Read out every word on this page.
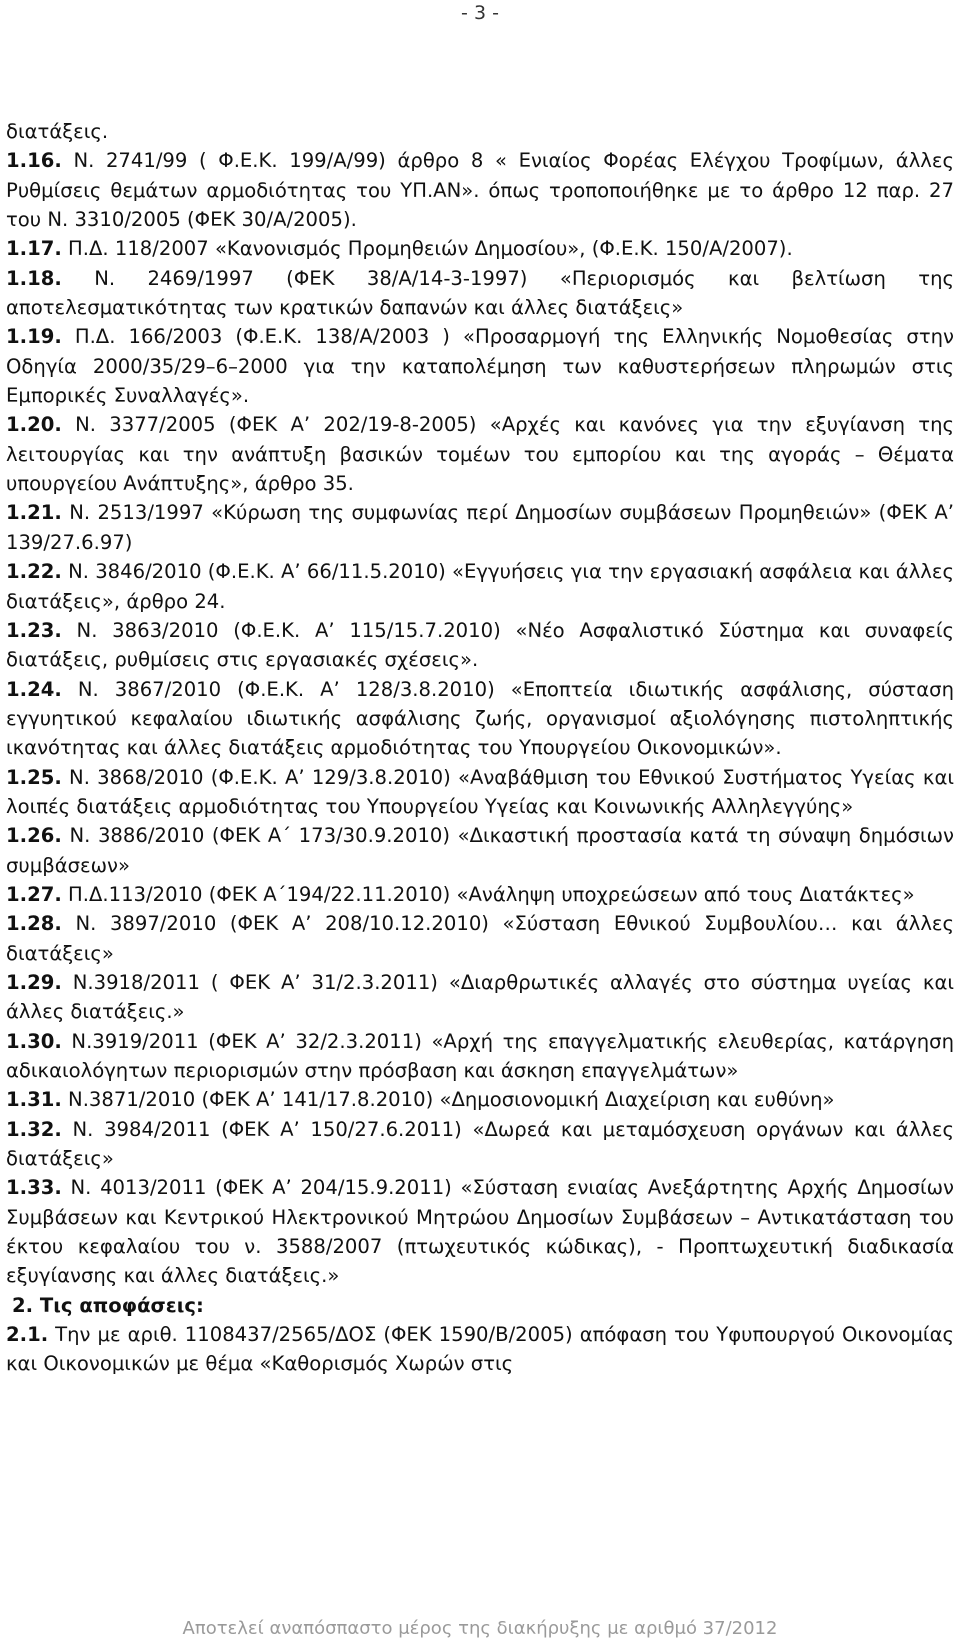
- 3 -
διατάξεις.
1.16. Ν. 2741/99 ( Φ.Ε.Κ. 199/Α/99) άρθρο 8 « Ενιαίος Φορέας Ελέγχου Τροφίμων, άλλες Ρυθμίσεις θεμάτων αρμοδιότητας του ΥΠ.ΑΝ». όπως τροποποιήθηκε με το άρθρο 12 παρ. 27 του Ν. 3310/2005 (ΦΕΚ 30/Α/2005).
1.17. Π.Δ. 118/2007 «Κανονισμός Προμηθειών Δημοσίου», (Φ.Ε.Κ. 150/Α/2007).
1.18. Ν. 2469/1997 (ΦΕΚ 38/Α/14-3-1997) «Περιορισμός και βελτίωση της αποτελεσματικότητας των κρατικών δαπανών και άλλες διατάξεις»
1.19. Π.Δ. 166/2003 (Φ.Ε.Κ. 138/Α/2003 ) «Προσαρμογή της Ελληνικής Νομοθεσίας στην Οδηγία 2000/35/29–6–2000 για την καταπολέμηση των καθυστερήσεων πληρωμών στις Εμπορικές Συναλλαγές».
1.20. Ν. 3377/2005 (ΦΕΚ Α’ 202/19-8-2005) «Αρχές και κανόνες για την εξυγίανση της λειτουργίας και την ανάπτυξη βασικών τομέων του εμπορίου και της αγοράς – Θέματα υπουργείου Ανάπτυξης», άρθρο 35.
1.21. Ν. 2513/1997 «Κύρωση της συμφωνίας περί Δημοσίων συμβάσεων Προμηθειών» (ΦΕΚ Α’ 139/27.6.97)
1.22. Ν. 3846/2010 (Φ.Ε.Κ. Α’ 66/11.5.2010) «Εγγυήσεις για την εργασιακή ασφάλεια και άλλες διατάξεις», άρθρο 24.
1.23. Ν. 3863/2010 (Φ.Ε.Κ. Α’ 115/15.7.2010) «Νέο Ασφαλιστικό Σύστημα και συναφείς διατάξεις, ρυθμίσεις στις εργασιακές σχέσεις».
1.24. Ν. 3867/2010 (Φ.Ε.Κ. Α’ 128/3.8.2010) «Εποπτεία ιδιωτικής ασφάλισης, σύσταση εγγυητικού κεφαλαίου ιδιωτικής ασφάλισης ζωής, οργανισμοί αξιολόγησης πιστοληπτικής ικανότητας και άλλες διατάξεις αρμοδιότητας του Υπουργείου Οικονομικών».
1.25. Ν. 3868/2010 (Φ.Ε.Κ. Α’ 129/3.8.2010) «Αναβάθμιση του Εθνικού Συστήματος Υγείας και λοιπές διατάξεις αρμοδιότητας του Υπουργείου Υγείας και Κοινωνικής Αλληλεγγύης»
1.26. Ν. 3886/2010 (ΦΕΚ Α΄ 173/30.9.2010) «Δικαστική προστασία κατά τη σύναψη δημόσιων συμβάσεων»
1.27. Π.Δ.113/2010 (ΦΕΚ Α΄194/22.11.2010) «Ανάληψη υποχρεώσεων από τους Διατάκτες»
1.28. Ν. 3897/2010 (ΦΕΚ Α’ 208/10.12.2010) «Σύσταση Εθνικού Συμβουλίου… και άλλες διατάξεις»
1.29. Ν.3918/2011 ( ΦΕΚ Α’ 31/2.3.2011) «Διαρθρωτικές αλλαγές στο σύστημα υγείας και άλλες διατάξεις.»
1.30. Ν.3919/2011 (ΦΕΚ Α’ 32/2.3.2011) «Αρχή της επαγγελματικής ελευθερίας, κατάργηση αδικαιολόγητων περιορισμών στην πρόσβαση και άσκηση επαγγελμάτων»
1.31. Ν.3871/2010 (ΦΕΚ Α’ 141/17.8.2010) «Δημοσιονομική Διαχείριση και ευθύνη»
1.32. Ν. 3984/2011 (ΦΕΚ Α’ 150/27.6.2011) «Δωρεά και μεταμόσχευση οργάνων και άλλες διατάξεις»
1.33. Ν. 4013/2011 (ΦΕΚ Α’ 204/15.9.2011) «Σύσταση ενιαίας Ανεξάρτητης Αρχής Δημοσίων Συμβάσεων και Κεντρικού Ηλεκτρονικού Μητρώου Δημοσίων Συμβάσεων – Αντικατάσταση του έκτου κεφαλαίου του ν. 3588/2007 (πτωχευτικός κώδικας), - Προπτωχευτική διαδικασία εξυγίανσης και άλλες διατάξεις.»
2. Τις αποφάσεις:
2.1. Την με αριθ. 1108437/2565/ΔΟΣ (ΦΕΚ 1590/Β/2005) απόφαση του Υφυπουργού Οικονομίας και Οικονομικών με θέμα «Καθορισμός Χωρών στις
Αποτελεί αναπόσπαστο μέρος της διακήρυξης με αριθμό 37/2012
